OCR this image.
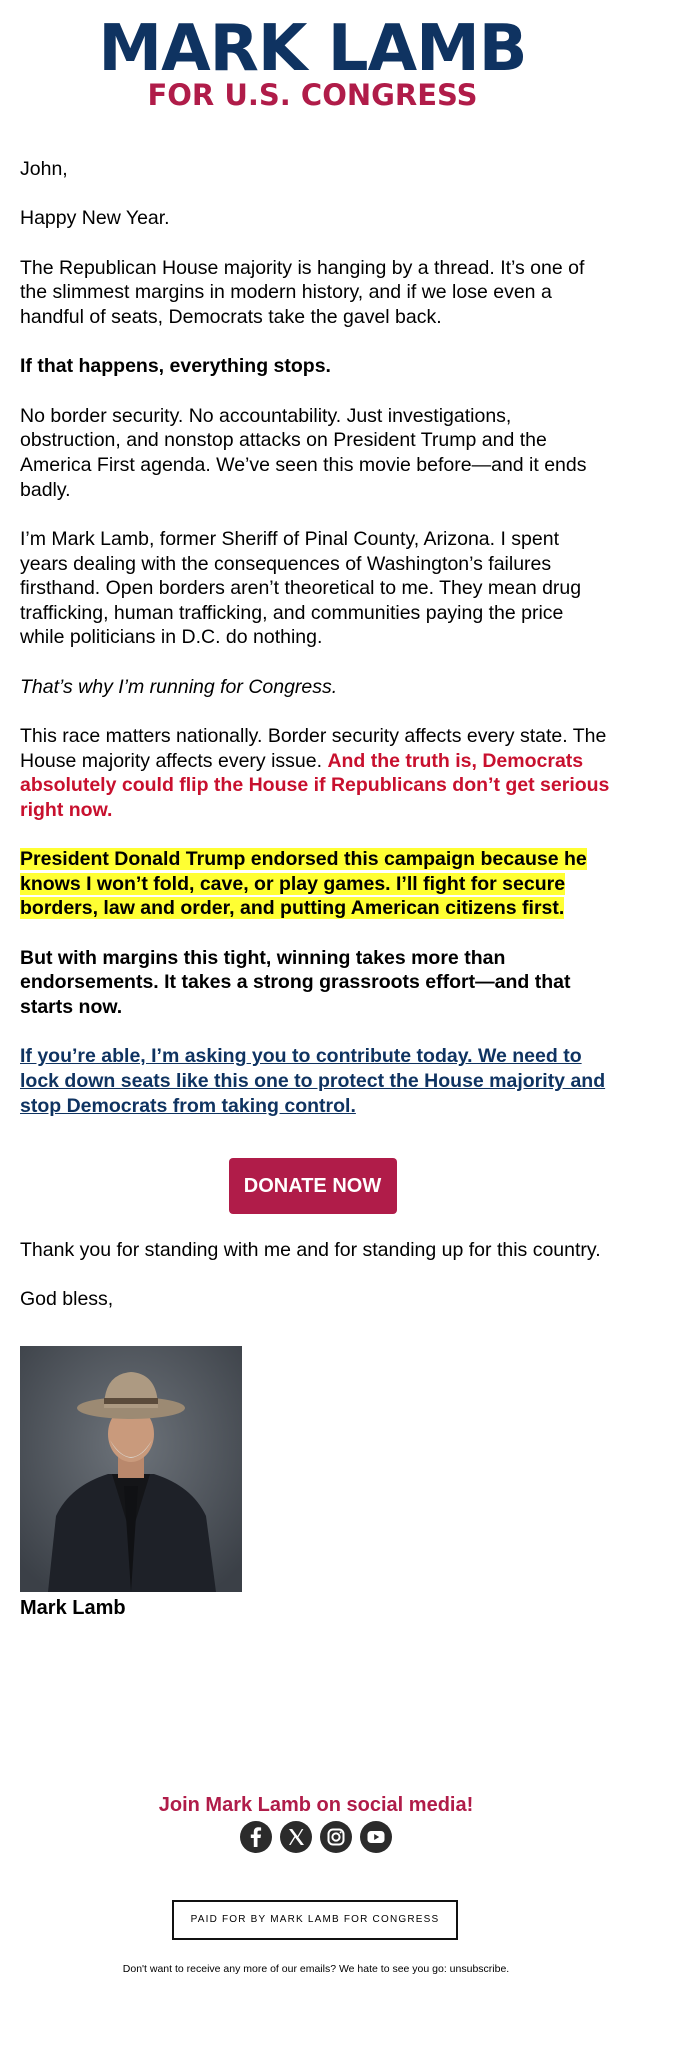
MARK LAMB
FOR U.S. CONGRESS

John,

Happy New Year.

The Republican House majority is hanging by a thread. It’s one of the slimmest margins in modern history, and if we lose even a handful of seats, Democrats take the gavel back.

If that happens, everything stops.

No border security. No accountability. Just investigations, obstruction, and nonstop attacks on President Trump and the America First agenda. We’ve seen this movie before—and it ends badly.

I’m Mark Lamb, former Sheriff of Pinal County, Arizona. I spent years dealing with the consequences of Washington’s failures firsthand. Open borders aren’t theoretical to me. They mean drug trafficking, human trafficking, and communities paying the price while politicians in D.C. do nothing.

That’s why I’m running for Congress.

This race matters nationally. Border security affects every state. The House majority affects every issue. And the truth is, Democrats absolutely could flip the House if Republicans don’t get serious right now.

President Donald Trump endorsed this campaign because he knows I won’t fold, cave, or play games. I’ll fight for secure borders, law and order, and putting American citizens first.

But with margins this tight, winning takes more than endorsements. It takes a strong grassroots effort—and that starts now.

If you’re able, I’m asking you to contribute today. We need to lock down seats like this one to protect the House majority and stop Democrats from taking control.

DONATE NOW

Thank you for standing with me and for standing up for this country.

God bless,

Mark Lamb
Join Mark Lamb on social media!

PAID FOR BY MARK LAMB FOR CONGRESS
Don't want to receive any more of our emails? We hate to see you go: unsubscribe.
